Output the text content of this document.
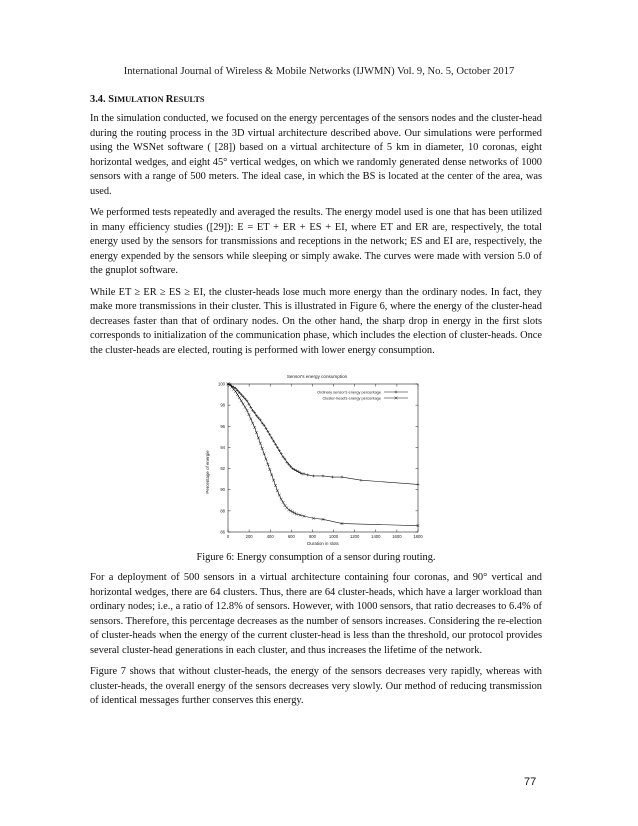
International Journal of Wireless & Mobile Networks (IJWMN) Vol. 9, No. 5, October 2017
3.4. SIMULATION RESULTS

In the simulation conducted, we focused on the energy percentages of the sensors nodes and the cluster-head during the routing process in the 3D virtual architecture described above. Our simulations were performed using the WSNet software ( [28]) based on a virtual architecture of 5 km in diameter, 10 coronas, eight horizontal wedges, and eight 45° vertical wedges, on which we randomly generated dense networks of 1000 sensors with a range of 500 meters. The ideal case, in which the BS is located at the center of the area, was used.

We performed tests repeatedly and averaged the results. The energy model used is one that has been utilized in many efficiency studies ([29]): E = ET + ER + ES + EI, where ET and ER are, respectively, the total energy used by the sensors for transmissions and receptions in the network; ES and EI are, respectively, the energy expended by the sensors while sleeping or simply awake. The curves were made with version 5.0 of the gnuplot software.

While ET ≥ ER ≥ ES ≥ EI, the cluster-heads lose much more energy than the ordinary nodes. In fact, they make more transmissions in their cluster. This is illustrated in Figure 6, where the energy of the cluster-head decreases faster than that of ordinary nodes. On the other hand, the sharp drop in energy in the first slots corresponds to initialization of the communication phase, which includes the election of cluster-heads. Once the cluster-heads are elected, routing is performed with lower energy consumption.

Sensor's energy consumption
Percentage of energie
Duration in slots
0	200	400	600	800	1000	1200	1400	1600	1800
86
88
90
92
94
96
98
100
Ordinary sensor's energy percentage
Cluster-head's energy percentage
Figure 6: Energy consumption of a sensor during routing.

For a deployment of 500 sensors in a virtual architecture containing four coronas, and 90° vertical and horizontal wedges, there are 64 clusters. Thus, there are 64 cluster-heads, which have a larger workload than ordinary nodes; i.e., a ratio of 12.8% of sensors. However, with 1000 sensors, that ratio decreases to 6.4% of sensors. Therefore, this percentage decreases as the number of sensors increases. Considering the re-election of cluster-heads when the energy of the current cluster-head is less than the threshold, our protocol provides several cluster-head generations in each cluster, and thus increases the lifetime of the network.

Figure 7 shows that without cluster-heads, the energy of the sensors decreases very rapidly, whereas with cluster-heads, the overall energy of the sensors decreases very slowly. Our method of reducing transmission of identical messages further conserves this energy.

77
